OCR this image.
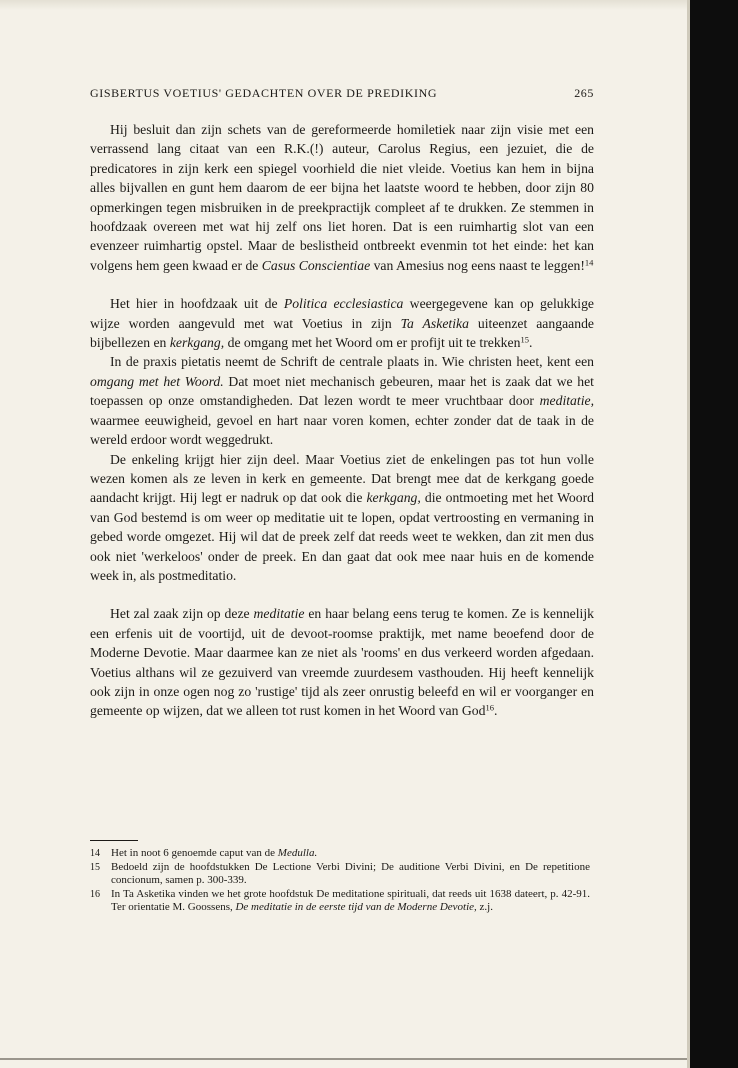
GISBERTUS VOETIUS' GEDACHTEN OVER DE PREDIKING	265

Hij besluit dan zijn schets van de gereformeerde homiletiek naar zijn visie met een verrassend lang citaat van een R.K.(!) auteur, Carolus Regius, een jezuiet, die de predicatores in zijn kerk een spiegel voorhield die niet vleide. Voetius kan hem in bijna alles bijvallen en gunt hem daarom de eer bijna het laatste woord te hebben, door zijn 80 opmerkingen tegen misbruiken in de preekpractijk compleet af te drukken. Ze stemmen in hoofdzaak overeen met wat hij zelf ons liet horen. Dat is een ruimhartig slot van een evenzeer ruimhartig opstel. Maar de beslistheid ontbreekt evenmin tot het einde: het kan volgens hem geen kwaad er de Casus Conscientiae van Amesius nog eens naast te leggen!$^{14}$

Het hier in hoofdzaak uit de Politica ecclesiastica weergegevene kan op gelukkige wijze worden aangevuld met wat Voetius in zijn Ta Asketika uiteenzet aangaande bijbellezen en kerkgang, de omgang met het Woord om er profijt uit te trekken$^{15}$.

In de praxis pietatis neemt de Schrift de centrale plaats in. Wie christen heet, kent een omgang met het Woord. Dat moet niet mechanisch gebeuren, maar het is zaak dat we het toepassen op onze omstandigheden. Dat lezen wordt te meer vruchtbaar door meditatie, waarmee eeuwigheid, gevoel en hart naar voren komen, echter zonder dat de taak in de wereld erdoor wordt weggedrukt.

De enkeling krijgt hier zijn deel. Maar Voetius ziet de enkelingen pas tot hun volle wezen komen als ze leven in kerk en gemeente. Dat brengt mee dat de kerkgang goede aandacht krijgt. Hij legt er nadruk op dat ook die kerkgang, die ontmoeting met het Woord van God bestemd is om weer op meditatie uit te lopen, opdat vertroosting en vermaning in gebed worde omgezet. Hij wil dat de preek zelf dat reeds weet te wekken, dan zit men dus ook niet 'werkeloos' onder de preek. En dan gaat dat ook mee naar huis en de komende week in, als postmeditatio.

Het zal zaak zijn op deze meditatie en haar belang eens terug te komen. Ze is kennelijk een erfenis uit de voortijd, uit de devoot-roomse praktijk, met name beoefend door de Moderne Devotie. Maar daarmee kan ze niet als 'rooms' en dus verkeerd worden afgedaan. Voetius althans wil ze gezuiverd van vreemde zuurdesem vasthouden. Hij heeft kennelijk ook zijn in onze ogen nog zo 'rustige' tijd als zeer onrustig beleefd en wil er voorganger en gemeente op wijzen, dat we alleen tot rust komen in het Woord van God$^{16}$.

14	Het in noot 6 genoemde caput van de Medulla.
15	Bedoeld zijn de hoofdstukken De Lectione Verbi Divini; De auditione Verbi Divini, en De repetitione concionum, samen p. 300-339.
16	In Ta Asketika vinden we het grote hoofdstuk De meditatione spirituali, dat reeds uit 1638 dateert, p. 42-91. Ter orientatie M. Goossens, De meditatie in de eerste tijd van de Moderne Devotie, z.j.
